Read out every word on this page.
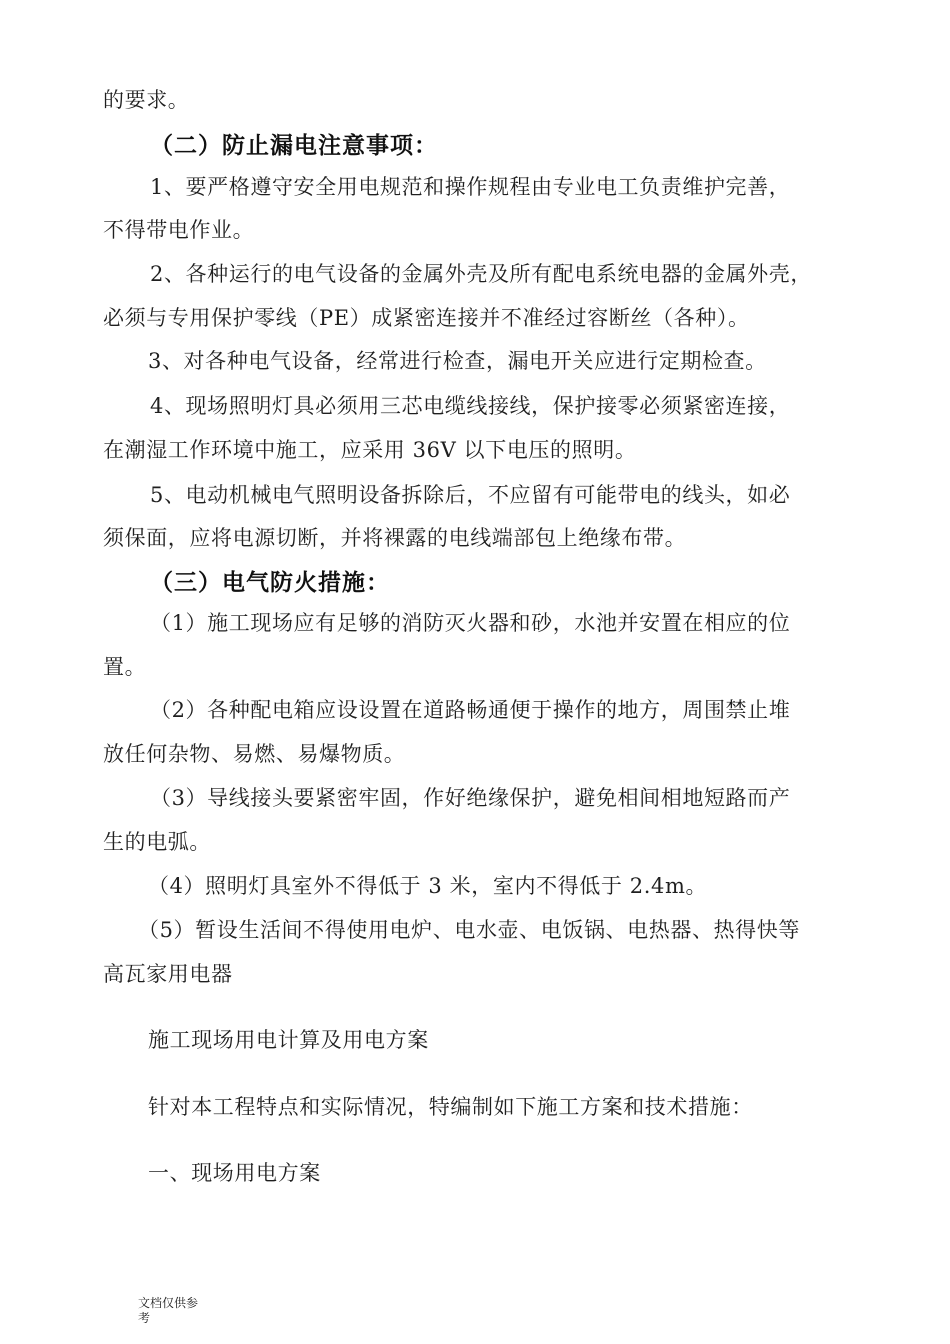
的要求。
（二）防止漏电注意事项：
1、要严格遵守安全用电规范和操作规程由专业电工负责维护完善，
不得带电作业。
2、各种运行的电气设备的金属外壳及所有配电系统电器的金属外壳，
必须与专用保护零线（PE）成紧密连接并不准经过容断丝（各种）。
3、对各种电气设备，经常进行检查，漏电开关应进行定期检查。
4、现场照明灯具必须用三芯电缆线接线，保护接零必须紧密连接，
在潮湿工作环境中施工，应采用 36V 以下电压的照明。
5、电动机械电气照明设备拆除后，不应留有可能带电的线头，如必
须保面，应将电源切断，并将裸露的电线端部包上绝缘布带。
（三）电气防火措施：
（1）施工现场应有足够的消防灭火器和砂，水池并安置在相应的位
置。
（2）各种配电箱应设设置在道路畅通便于操作的地方，周围禁止堆
放任何杂物、易燃、易爆物质。
（3）导线接头要紧密牢固，作好绝缘保护，避免相间相地短路而产
生的电弧。
（4）照明灯具室外不得低于 3 米，室内不得低于 2.4m。
（5）暂设生活间不得使用电炉、电水壶、电饭锅、电热器、热得快等
高瓦家用电器
施工现场用电计算及用电方案
针对本工程特点和实际情况，特编制如下施工方案和技术措施：
一、现场用电方案
文档仅供参
考
